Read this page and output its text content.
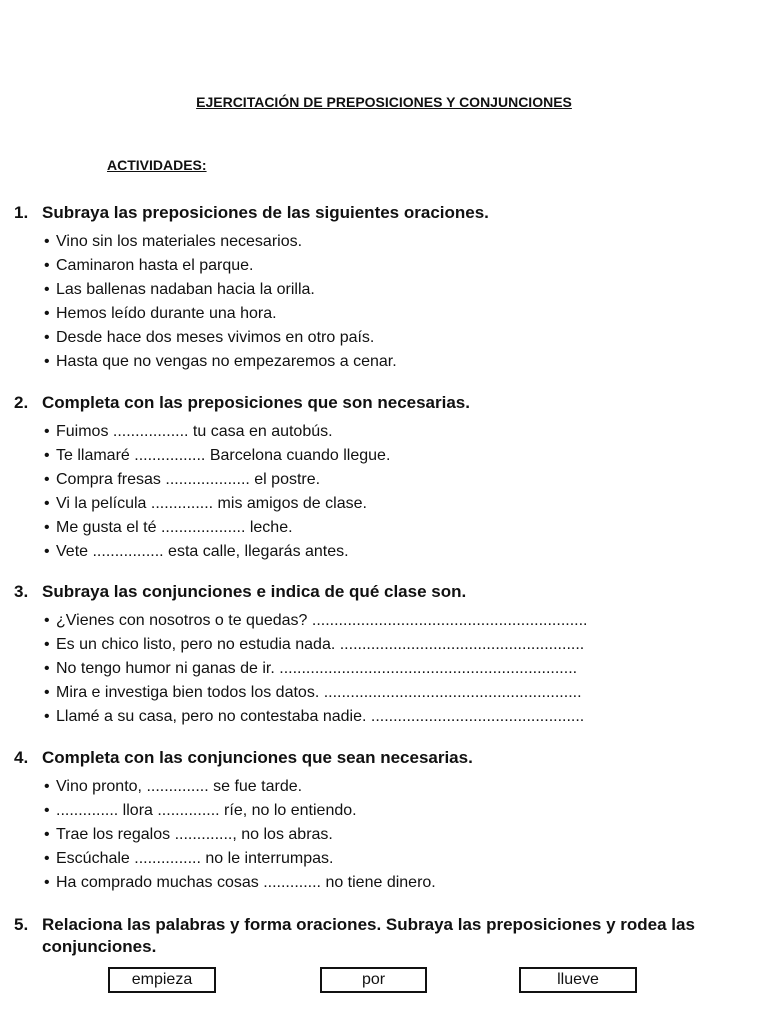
EJERCITACIÓN DE PREPOSICIONES Y CONJUNCIONES
ACTIVIDADES:
1. Subraya las preposiciones de las siguientes oraciones.
• Vino sin los materiales necesarios.
• Caminaron hasta el parque.
• Las ballenas nadaban hacia la orilla.
• Hemos leído durante una hora.
• Desde hace dos meses vivimos en otro país.
• Hasta que no vengas no empezaremos a cenar.
2. Completa con las preposiciones que son necesarias.
• Fuimos ................. tu casa en autobús.
• Te llamaré ................ Barcelona cuando llegue.
• Compra fresas ................... el postre.
• Vi la película .............. mis amigos de clase.
• Me gusta el té ................... leche.
• Vete ................ esta calle, llegarás antes.
3. Subraya las conjunciones e indica de qué clase son.
• ¿Vienes con nosotros o te quedas? ..............................................................
• Es un chico listo, pero no estudia nada. .......................................................
• No tengo humor ni ganas de ir. ...................................................................
• Mira e investiga bien todos los datos. ..........................................................
• Llamé a su casa, pero no contestaba nadie. ................................................
4. Completa con las conjunciones que sean necesarias.
• Vino pronto, .............. se fue tarde.
• .............. llora .............. ríe, no lo entiendo.
• Trae los regalos ............., no los abras.
• Escúchale ............... no le interrumpas.
• Ha comprado muchas cosas ............. no tiene dinero.
5. Relaciona las palabras y forma oraciones. Subraya las preposiciones y rodea las conjunciones.
empieza	por	llueve
